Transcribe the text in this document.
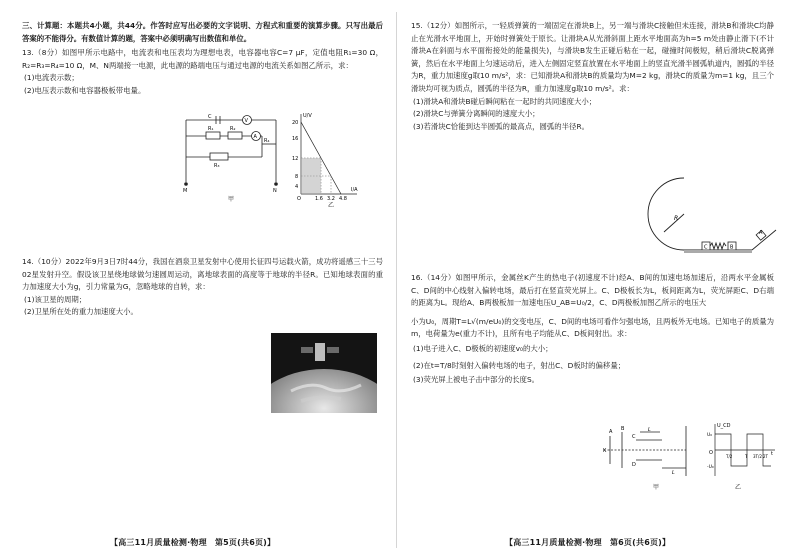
三、计算题：本题共4小题，共44分。作答时应写出必要的文字说明、方程式和重要的演算步骤。只写出最后答案的不能得分。有数值计算的题，答案中必须明确写出数值和单位。

13.（8分）如图甲所示电路中，电流表和电压表均为理想电表，电容器电容C=7 μF，定值电阻R₁=30 Ω，R₂=R₃=R₄=10 Ω，M、N两端接一电源，此电源的路端电压与通过电源的电流关系如图乙所示，求：

(1)电流表示数；

(2)电压表示数和电容器极板带电量。

C
V
A
R₁	R₂
R₃
R₄
M	N
甲
U/V
I/A
20
16
12
8
4
O	1.6 3.2 4.8
乙

14.（10分）2022年9月3日7时44分，我国在酒泉卫星发射中心使用长征四号运载火箭，成功将遥感三十三号02星发射升空。假设该卫星绕地球做匀速圆周运动，离地球表面的高度等于地球的半径R。已知地球表面的重力加速度大小为g，引力常量为G，忽略地球的自转，求：

(1)该卫星的周期；

(2)卫星所在处的重力加速度大小。

【高三11月质量检测·物理　第5页(共6页)】

15.（12分）如图所示，一轻质弹簧的一端固定在滑块B上，另一端与滑块C接触但未连接，滑块B和滑块C均静止在光滑水平地面上，开始时弹簧处于原长。让滑块A从光滑斜面上距水平地面高为h=5 m处由静止滑下(不计滑块A在斜面与水平面衔接处的能量损失)，与滑块B发生正碰后粘在一起，碰撞时间极短，稍后滑块C脱离弹簧，然后在水平地面上匀速运动后，进入左侧固定竖直放置在水平地面上的竖直光滑半圆弧轨道内，圆弧的半径为R，重力加速度g取10 m/s²，求：已知滑块A和滑块B的质量均为M=2 kg，滑块C的质量为m=1 kg，且三个滑块均可视为质点，圆弧的半径为R，重力加速度g取10 m/s²。求：

(1)滑块A和滑块B碰后瞬间粘在一起时的共同速度大小；

(2)滑块C与弹簧分离瞬间的速度大小；

(3)若滑块C恰能到达半圆弧的最高点，圆弧的半径R。

R
C	B
A

16.（14分）如图甲所示，金属丝K产生的热电子(初速度不计)经A、B间的加速电场加速后，沿两水平金属板C、D间的中心线射入偏转电场，最后打在竖直荧光屏上。C、D极板长为L，板间距离为L，荧光屏距C、D右端的距离为L。现给A、B两极板加一加速电压U_AB=U₀/2，C、D两极板加图乙所示的电压大

小为U₀，周期T=L√(m/eU₀)的交变电压，C、D间的电场可看作匀强电场，且两板外无电场。已知电子的质量为m，电荷量为e(重力不计)，且所有电子均能从C、D板间射出。求：

(1)电子进入C、D极板的初速度v₀的大小；

(2)在t=T/8时刻射入偏转电场的电子，射出C、D板时的偏移量；

(3)荧光屏上被电子击中部分的长度S。

K
A B
C
D
L
L
甲
U_CD
t
O
U₀
-U₀
T/2	T 3T/2 2T
乙
【高三11月质量检测·物理　第6页(共6页)】
